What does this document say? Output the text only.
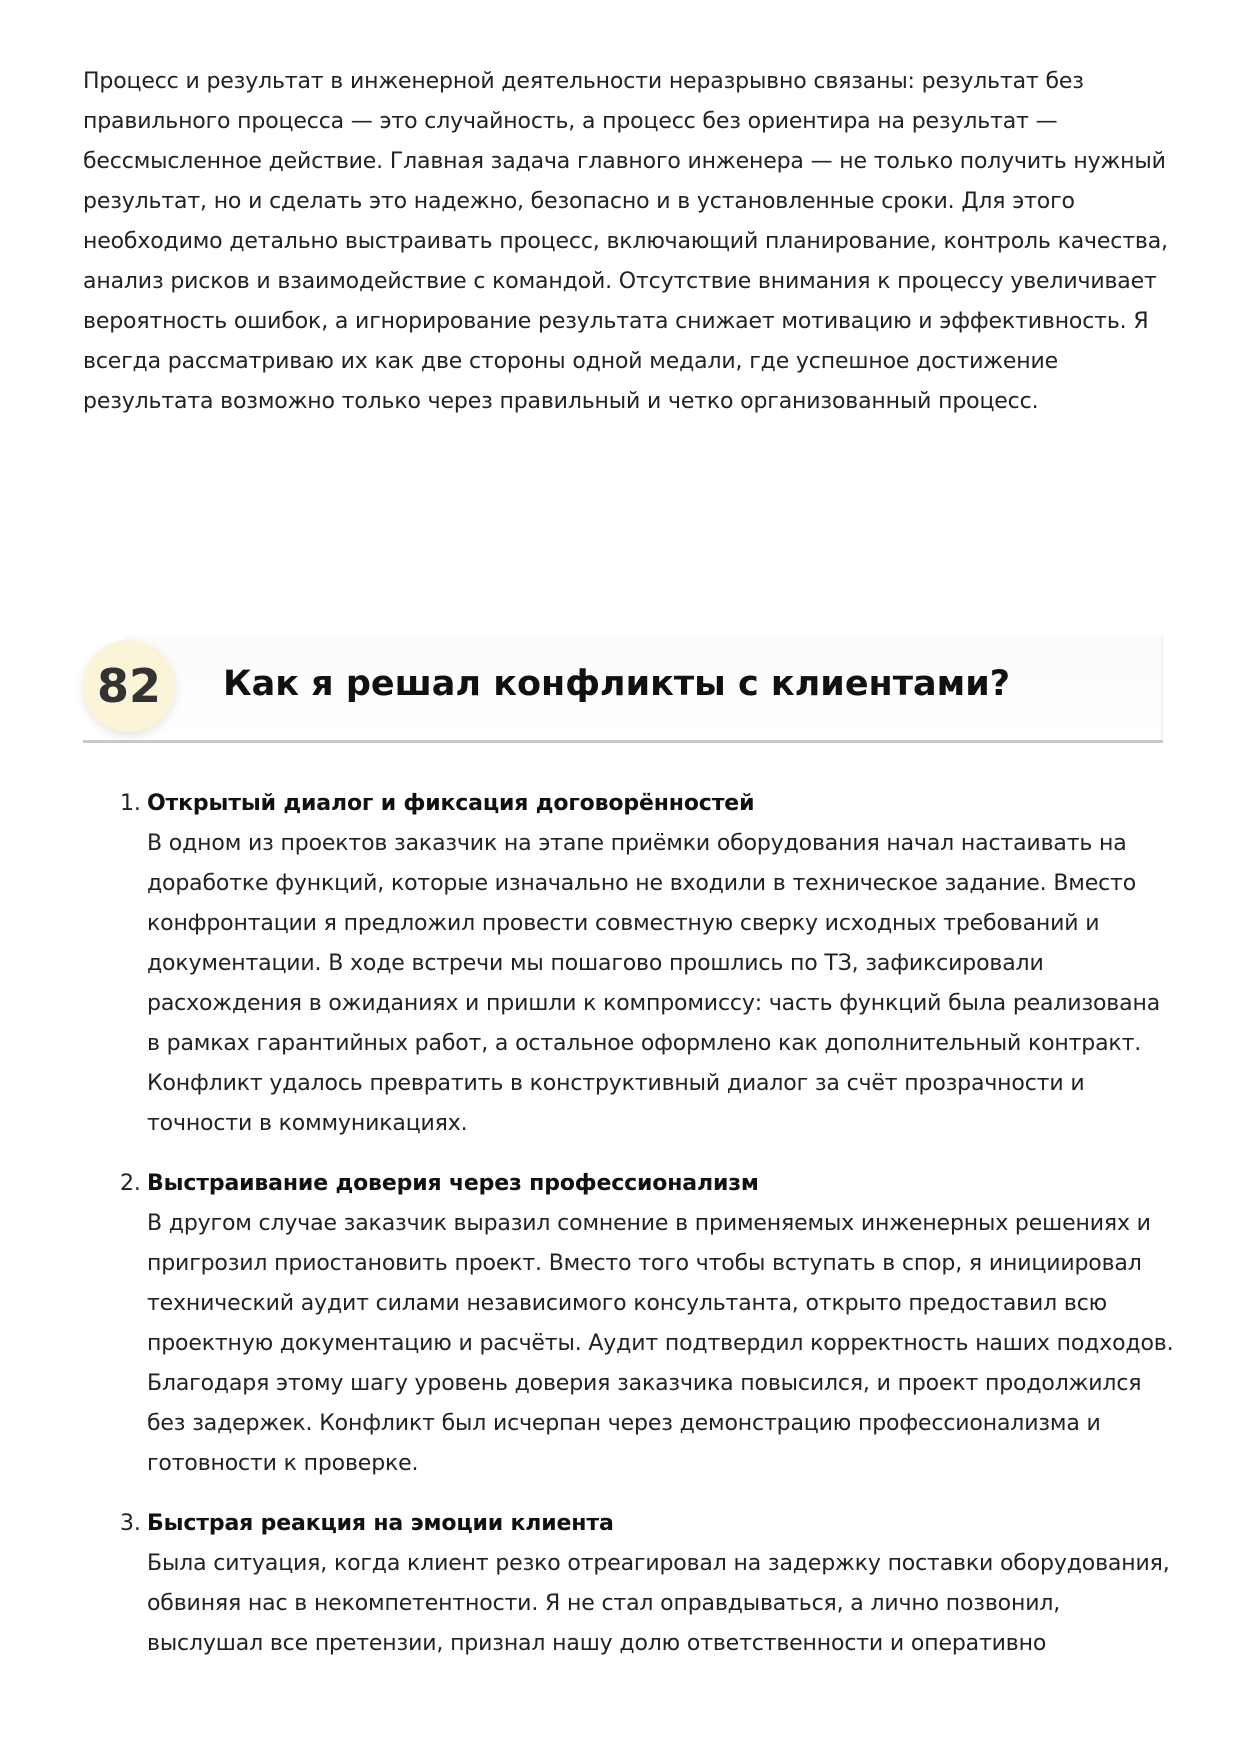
Процесс и результат в инженерной деятельности неразрывно связаны: результат без правильного процесса — это случайность, а процесс без ориентира на результат — бессмысленное действие. Главная задача главного инженера — не только получить нужный результат, но и сделать это надежно, безопасно и в установленные сроки. Для этого необходимо детально выстраивать процесс, включающий планирование, контроль качества, анализ рисков и взаимодействие с командой. Отсутствие внимания к процессу увеличивает вероятность ошибок, а игнорирование результата снижает мотивацию и эффективность. Я всегда рассматриваю их как две стороны одной медали, где успешное достижение результата возможно только через правильный и четко организованный процесс.

82	Как я решал конфликты с клиентами?
1. Открытый диалог и фиксация договорённостей
В одном из проектов заказчик на этапе приёмки оборудования начал настаивать на доработке функций, которые изначально не входили в техническое задание. Вместо конфронтации я предложил провести совместную сверку исходных требований и документации. В ходе встречи мы пошагово прошлись по ТЗ, зафиксировали расхождения в ожиданиях и пришли к компромиссу: часть функций была реализована в рамках гарантийных работ, а остальное оформлено как дополнительный контракт. Конфликт удалось превратить в конструктивный диалог за счёт прозрачности и точности в коммуникациях.
2. Выстраивание доверия через профессионализм
В другом случае заказчик выразил сомнение в применяемых инженерных решениях и пригрозил приостановить проект. Вместо того чтобы вступать в спор, я инициировал технический аудит силами независимого консультанта, открыто предоставил всю проектную документацию и расчёты. Аудит подтвердил корректность наших подходов. Благодаря этому шагу уровень доверия заказчика повысился, и проект продолжился без задержек. Конфликт был исчерпан через демонстрацию профессионализма и готовности к проверке.
3. Быстрая реакция на эмоции клиента
Была ситуация, когда клиент резко отреагировал на задержку поставки оборудования, обвиняя нас в некомпетентности. Я не стал оправдываться, а лично позвонил, выслушал все претензии, признал нашу долю ответственности и оперативно
